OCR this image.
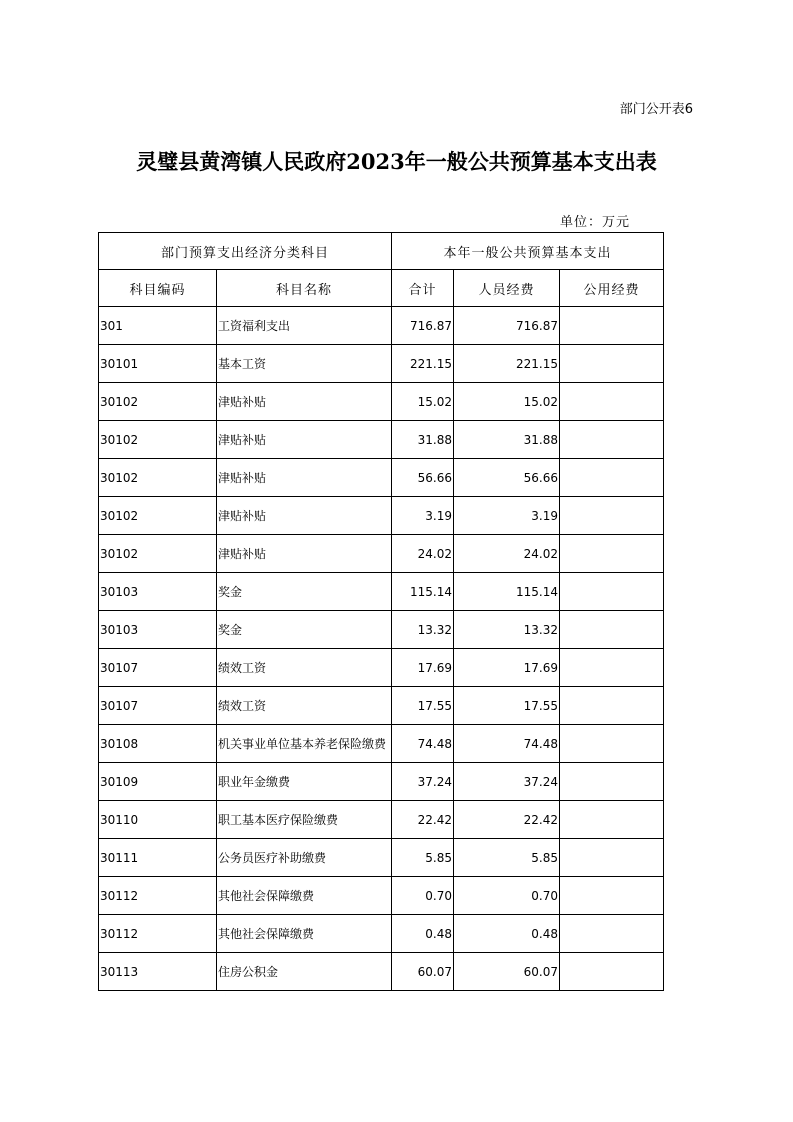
部门公开表6
灵璧县黄湾镇人民政府2023年一般公共预算基本支出表
单位：万元
部门预算支出经济分类科目		本年一般公共预算基本支出		
科目编码	科目名称	合计	人员经费	公用经费
301	工资福利支出	716.87	716.87	
30101	基本工资	221.15	221.15	
30102	津贴补贴	15.02	15.02	
30102	津贴补贴	31.88	31.88	
30102	津贴补贴	56.66	56.66	
30102	津贴补贴	3.19	3.19	
30102	津贴补贴	24.02	24.02	
30103	奖金	115.14	115.14	
30103	奖金	13.32	13.32	
30107	绩效工资	17.69	17.69	
30107	绩效工资	17.55	17.55	
30108	机关事业单位基本养老保险缴费	74.48	74.48	
30109	职业年金缴费	37.24	37.24	
30110	职工基本医疗保险缴费	22.42	22.42	
30111	公务员医疗补助缴费	5.85	5.85	
30112	其他社会保障缴费	0.70	0.70	
30112	其他社会保障缴费	0.48	0.48	
30113	住房公积金	60.07	60.07	
